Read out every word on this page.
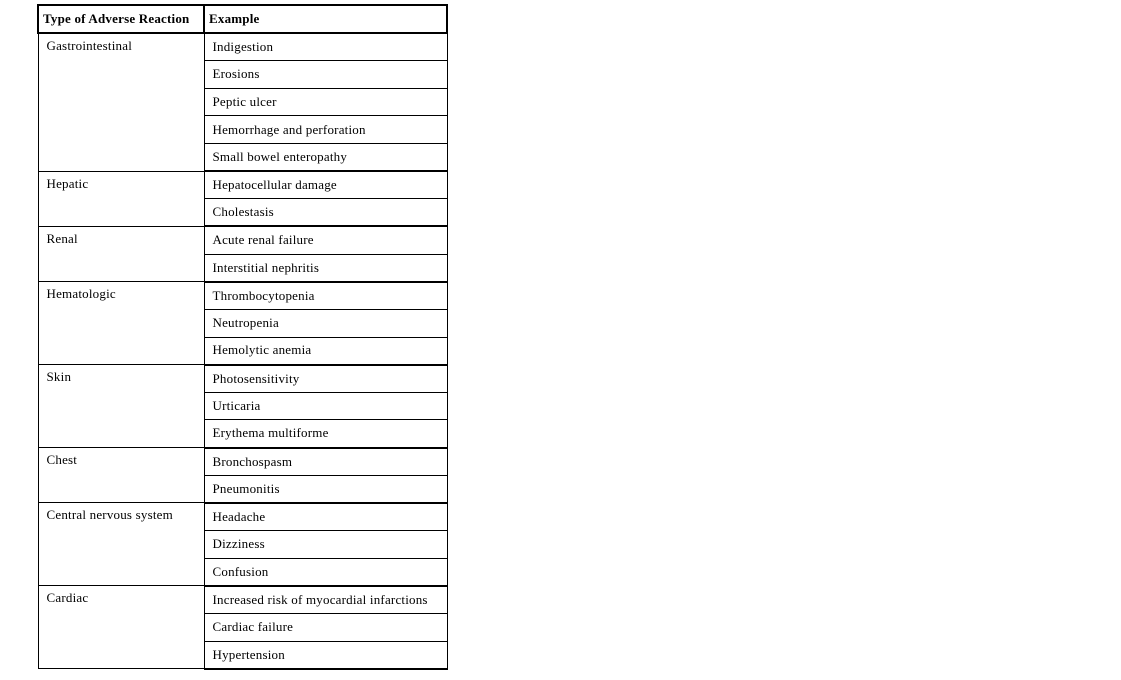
Type of Adverse Reaction	Example
Gastrointestinal	Indigestion
	Erosions
	Peptic ulcer
	Hemorrhage and perforation
	Small bowel enteropathy
Hepatic	Hepatocellular damage
	Cholestasis
Renal	Acute renal failure
	Interstitial nephritis
Hematologic	Thrombocytopenia
	Neutropenia
	Hemolytic anemia
Skin	Photosensitivity
	Urticaria
	Erythema multiforme
Chest	Bronchospasm
	Pneumonitis
Central nervous system	Headache
	Dizziness
	Confusion
Cardiac	Increased risk of myocardial infarctions
	Cardiac failure
	Hypertension
